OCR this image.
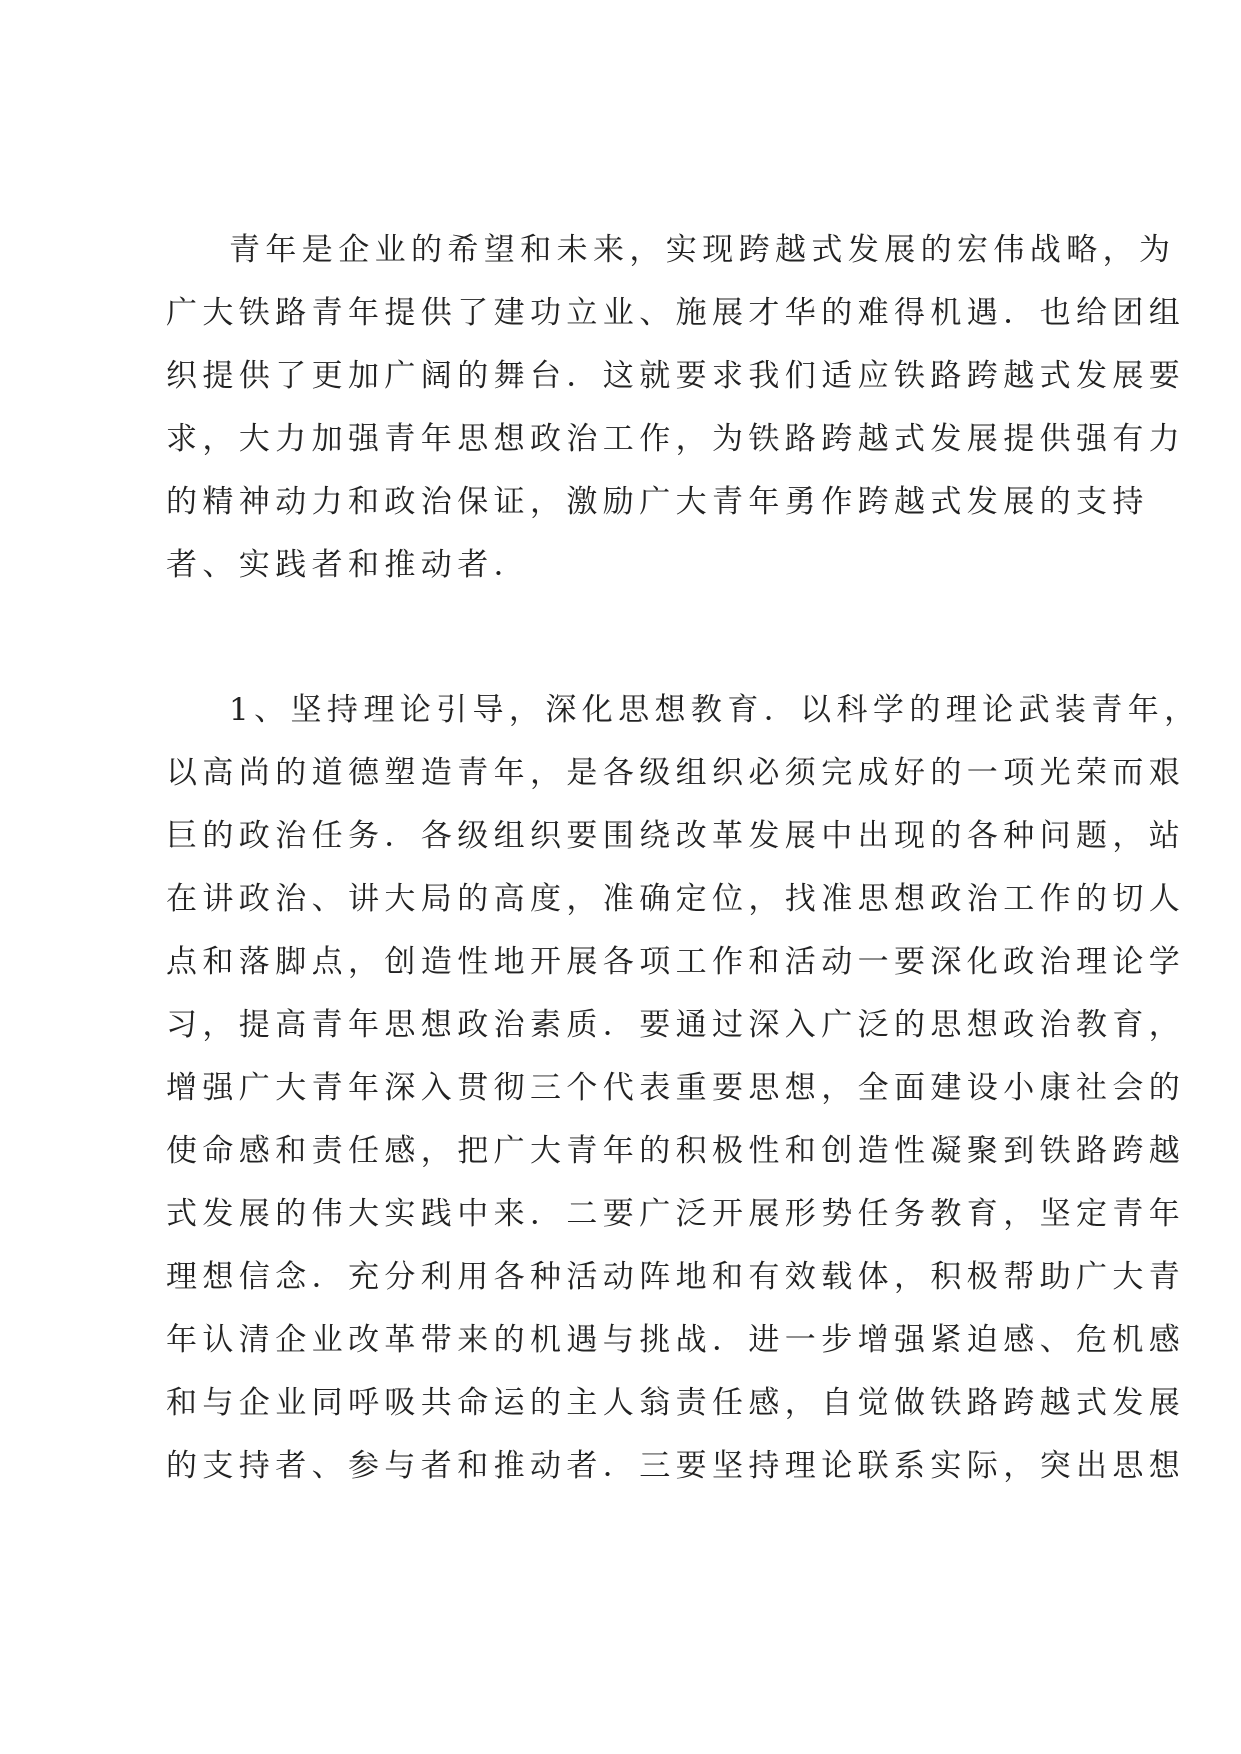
青年是企业的希望和未来，实现跨越式发展的宏伟战略，为
广大铁路青年提供了建功立业、施展才华的难得机遇．也给团组
织提供了更加广阔的舞台．这就要求我们适应铁路跨越式发展要
求，大力加强青年思想政治工作，为铁路跨越式发展提供强有力
的精神动力和政治保证，激励广大青年勇作跨越式发展的支持
者、实践者和推动者．
1、坚持理论引导，深化思想教育．以科学的理论武装青年，
以高尚的道德塑造青年，是各级组织必须完成好的一项光荣而艰
巨的政治任务．各级组织要围绕改革发展中出现的各种问题，站
在讲政治、讲大局的高度，准确定位，找准思想政治工作的切人
点和落脚点，创造性地开展各项工作和活动一要深化政治理论学
习，提高青年思想政治素质．要通过深入广泛的思想政治教育，
增强广大青年深入贯彻三个代表重要思想，全面建设小康社会的
使命感和责任感，把广大青年的积极性和创造性凝聚到铁路跨越
式发展的伟大实践中来．二要广泛开展形势任务教育，坚定青年
理想信念．充分利用各种活动阵地和有效载体，积极帮助广大青
年认清企业改革带来的机遇与挑战．进一步增强紧迫感、危机感
和与企业同呼吸共命运的主人翁责任感，自觉做铁路跨越式发展
的支持者、参与者和推动者．三要坚持理论联系实际，突出思想
